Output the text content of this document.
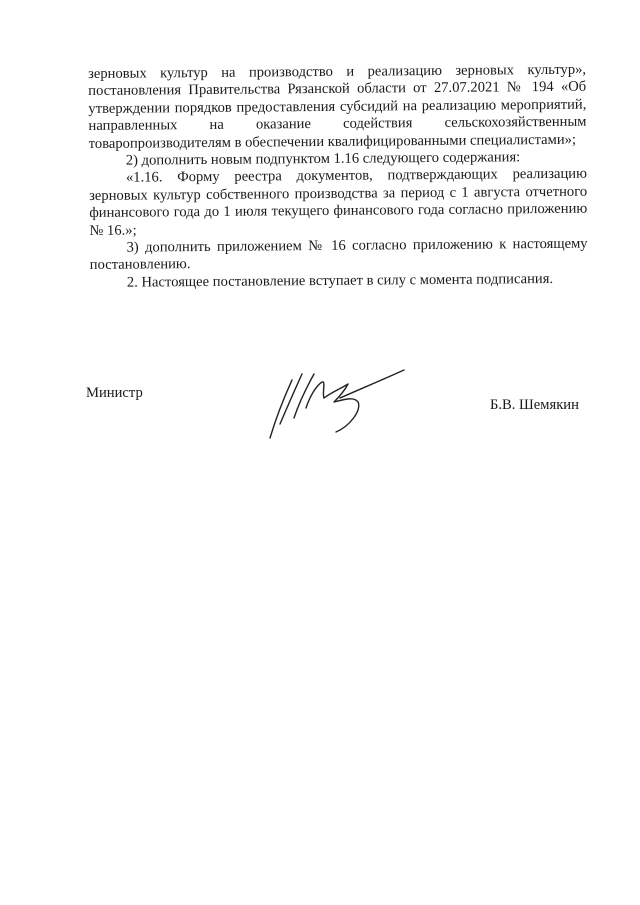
зерновых культур на производство и реализацию зерновых культур», постановления Правительства Рязанской области от 27.07.2021 № 194 «Об утверждении порядков предоставления субсидий на реализацию мероприятий, направленных на оказание содействия сельскохозяйственным товаропроизводителям в обеспечении квалифицированными специалистами»;

2) дополнить новым подпунктом 1.16 следующего содержания:

«1.16. Форму реестра документов, подтверждающих реализацию зерновых культур собственного производства за период с 1 августа отчетного финансового года до 1 июля текущего финансового года согласно приложению № 16.»;

3) дополнить приложением № 16 согласно приложению к настоящему постановлению.

2. Настоящее постановление вступает в силу с момента подписания.

Министр
Б.В. Шемякин
